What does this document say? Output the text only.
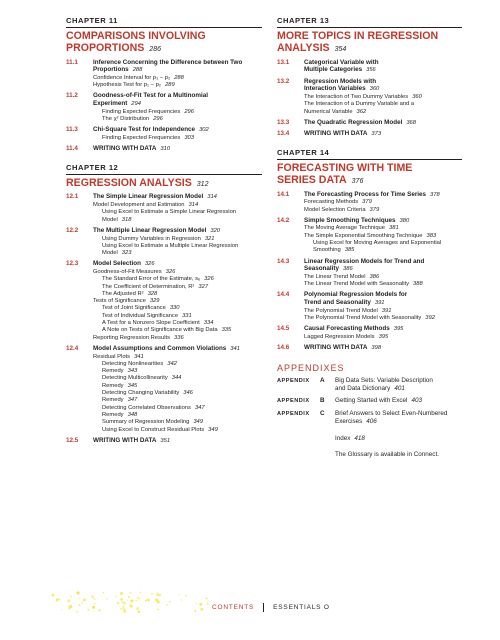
CHAPTER 11
COMPARISONS INVOLVING
PROPORTIONS 286
11.1 Inference Concerning the Difference between Two
Proportions 288
Confidence Interval for p₁ − p₂ 288
Hypothesis Test for p₁ − p₂ 289
11.2 Goodness-of-Fit Test for a Multinomial
Experiment 294
Finding Expected Frequencies 296
The χ² Distribution 296
11.3 Chi-Square Test for Independence 302
Finding Expected Frequencies 303
11.4 WRITING WITH DATA 310
CHAPTER 12
REGRESSION ANALYSIS 312
12.1 The Simple Linear Regression Model 314
Model Development and Estimation 314
Using Excel to Estimate a Simple Linear Regression
Model 318
12.2 The Multiple Linear Regression Model 320
Using Dummy Variables in Regression 321
Using Excel to Estimate a Multiple Linear Regression
Model 323
12.3 Model Selection 326
Goodness-of-Fit Measures 326
The Standard Error of the Estimate, sₑ 326
The Coefficient of Determination, R² 327
The Adjusted R² 328
Tests of Significance 329
Test of Joint Significance 330
Test of Individual Significance 331
A Test for a Nonzero Slope Coefficient 334
A Note on Tests of Significance with Big Data 335
Reporting Regression Results 336
12.4 Model Assumptions and Common Violations 341
Residual Plots 341
Detecting Nonlinearities 342
Remedy 343
Detecting Multicollinearity 344
Remedy 345
Detecting Changing Variability 346
Remedy 347
Detecting Correlated Observations 347
Remedy 348
Summary of Regression Modeling 349
Using Excel to Construct Residual Plots 349
12.5 WRITING WITH DATA 351
CHAPTER 13
MORE TOPICS IN REGRESSION
ANALYSIS 354
13.1 Categorical Variable with
Multiple Categories 356
13.2 Regression Models with
Interaction Variables 360
The Interaction of Two Dummy Variables 360
The Interaction of a Dummy Variable and a
Numerical Variable 362
13.3 The Quadratic Regression Model 368
13.4 WRITING WITH DATA 373
CHAPTER 14
FORECASTING WITH TIME
SERIES DATA 376
14.1 The Forecasting Process for Time Series 378
Forecasting Methods 379
Model Selection Criteria 379
14.2 Simple Smoothing Techniques 380
The Moving Average Technique 381
The Simple Exponential Smoothing Technique 383
Using Excel for Moving Averages and Exponential
Smoothing 385
14.3 Linear Regression Models for Trend and
Seasonality 386
The Linear Trend Model 386
The Linear Trend Model with Seasonality 388
14.4 Polynomial Regression Models for
Trend and Seasonality 391
The Polynomial Trend Model 391
The Polynomial Trend Model with Seasonality 392
14.5 Causal Forecasting Methods 395
Lagged Regression Models 395
14.6 WRITING WITH DATA 398
APPENDIXES
APPENDIX A	Big Data Sets: Variable Description
and Data Dictionary 401
APPENDIX B	Getting Started with Excel 403
APPENDIX C	Brief Answers to Select Even-Numbered
Exercises 406
Index 418
The Glossary is available in Connect.
CONTENTS	ESSENTIALS O
